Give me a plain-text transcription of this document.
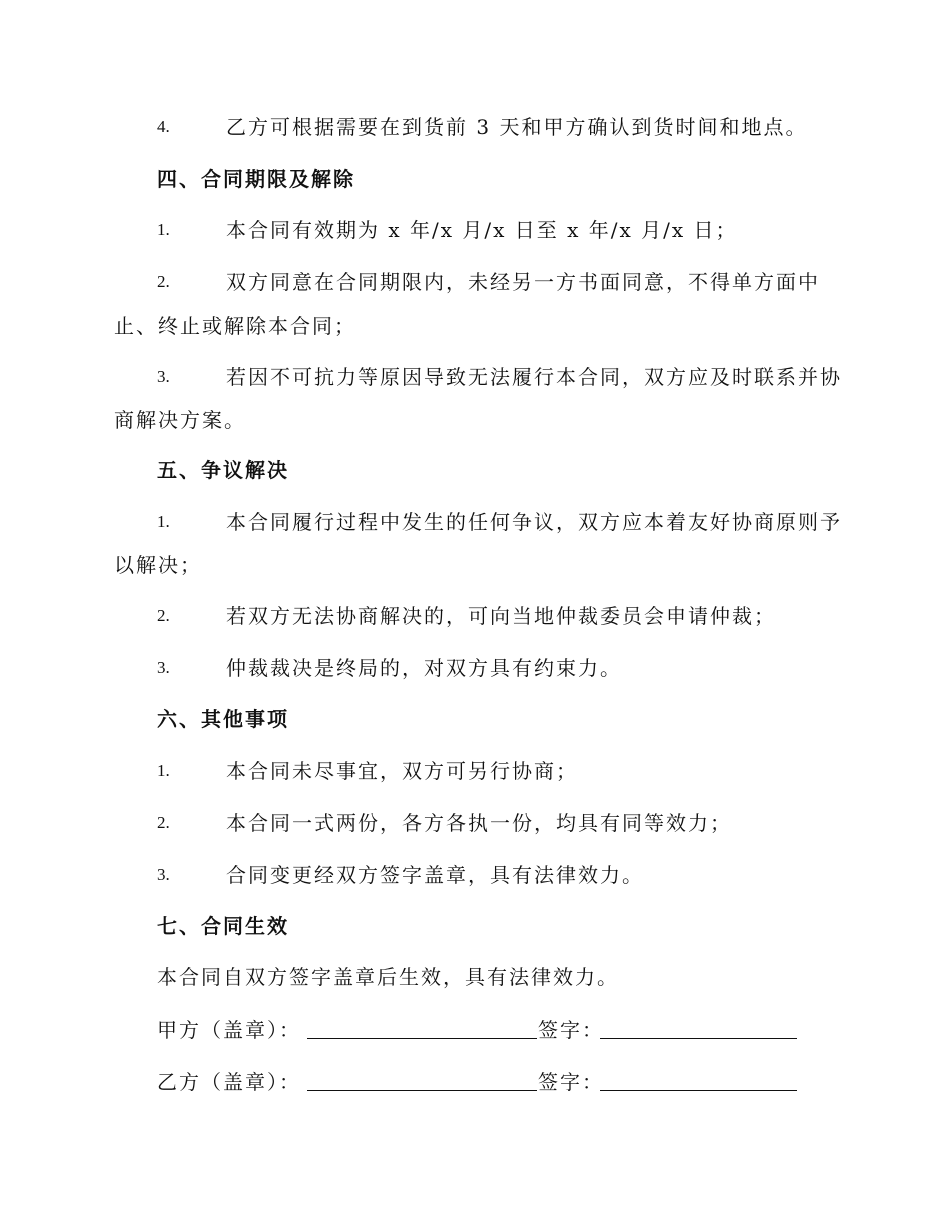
4.	乙方可根据需要在到货前 3 天和甲方确认到货时间和地点。
四、合同期限及解除
1.	本合同有效期为 x 年/x 月/x 日至 x 年/x 月/x 日；
2.	双方同意在合同期限内，未经另一方书面同意，不得单方面中
止、终止或解除本合同；
3.	若因不可抗力等原因导致无法履行本合同，双方应及时联系并协
商解决方案。
五、争议解决
1.	本合同履行过程中发生的任何争议，双方应本着友好协商原则予
以解决；
2.	若双方无法协商解决的，可向当地仲裁委员会申请仲裁；
3.	仲裁裁决是终局的，对双方具有约束力。
六、其他事项
1.	本合同未尽事宜，双方可另行协商；
2.	本合同一式两份，各方各执一份，均具有同等效力；
3.	合同变更经双方签字盖章，具有法律效力。
七、合同生效
本合同自双方签字盖章后生效，具有法律效力。
甲方（盖章）：	签字：
乙方（盖章）：	签字：
